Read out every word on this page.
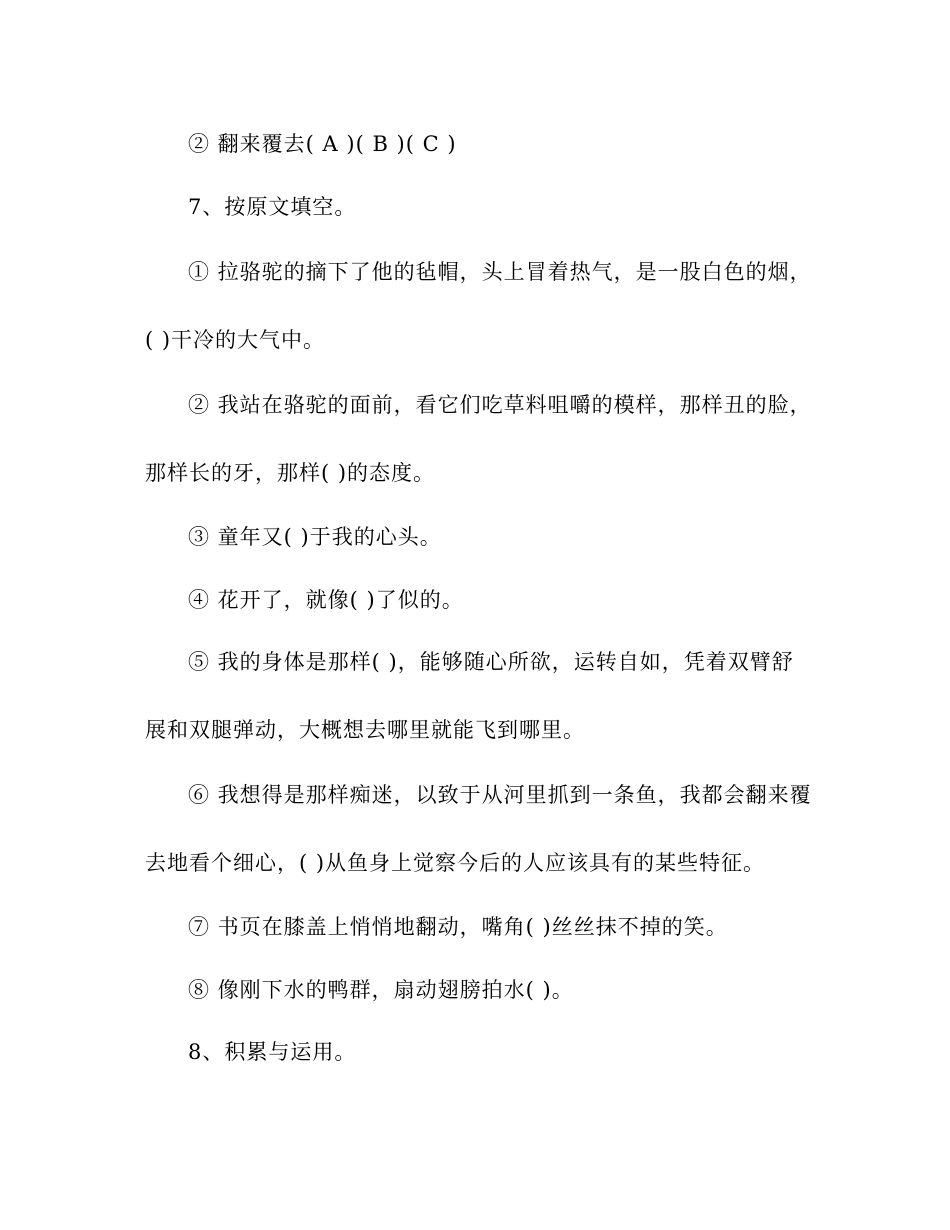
② 翻来覆去( A )( B )( C )
7、按原文填空。
① 拉骆驼的摘下了他的毡帽，头上冒着热气，是一股白色的烟，
( )干冷的大气中。
② 我站在骆驼的面前，看它们吃草料咀嚼的模样，那样丑的脸，
那样长的牙，那样( )的态度。
③ 童年又( )于我的心头。
④ 花开了，就像( )了似的。
⑤ 我的身体是那样( )，能够随心所欲，运转自如，凭着双臂舒
展和双腿弹动，大概想去哪里就能飞到哪里。
⑥ 我想得是那样痴迷，以致于从河里抓到一条鱼，我都会翻来覆
去地看个细心，( )从鱼身上觉察今后的人应该具有的某些特征。
⑦ 书页在膝盖上悄悄地翻动，嘴角( )丝丝抹不掉的笑。
⑧ 像刚下水的鸭群，扇动翅膀拍水( )。
8、积累与运用。
